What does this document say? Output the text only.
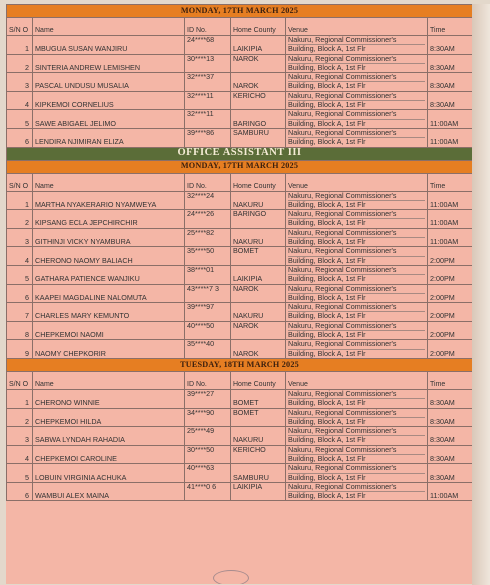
MONDAY, 17TH MARCH 2025					
S/N O	Name	ID No.	Home County	Venue	Time
1	MBUGUA SUSAN WANJIRU	24****68	LAIKIPIA	Nakuru, Regional Commissioner's
Building, Block A, 1st Flr	8:30AM
2	SINTERIA ANDREW LEMISHEN	30****13	NAROK	Nakuru, Regional Commissioner's
Building, Block A, 1st Flr	8:30AM
3	PASCAL UNDUSU MUSALIA	32****37	NAROK	Nakuru, Regional Commissioner's
Building, Block A, 1st Flr	8:30AM
4	KIPKEMOI CORNELIUS	32****11	KERICHO	Nakuru, Regional Commissioner's
Building, Block A, 1st Flr	8:30AM
5	SAWE ABIGAEL JELIMO	32****11	BARINGO	Nakuru, Regional Commissioner's
Building, Block A, 1st Flr	11:00AM
6	LENDIRA NJIMIRAN ELIZA	39****86	SAMBURU	Nakuru, Regional Commissioner's
Building, Block A, 1st Flr	11:00AM
OFFICE ASSISTANT III					
MONDAY, 17TH MARCH 2025					
S/N O	Name	ID No.	Home County	Venue	Time
1	MARTHA NYAKERARIO NYAMWEYA	32****24	NAKURU	Nakuru, Regional Commissioner's
Building, Block A, 1st Flr	11:00AM
2	KIPSANG ECLA JEPCHIRCHIR	24****26	BARINGO	Nakuru, Regional Commissioner's
Building, Block A, 1st Flr	11:00AM
3	GITHINJI VICKY NYAMBURA	25****82	NAKURU	Nakuru, Regional Commissioner's
Building, Block A, 1st Flr	11:00AM
4	CHERONO NAOMY BALIACH	35****50	BOMET	Nakuru, Regional Commissioner's
Building, Block A, 1st Flr	2:00PM
5	GATHARA PATIENCE WANJIKU	38****01	LAIKIPIA	Nakuru, Regional Commissioner's
Building, Block A, 1st Flr	2:00PM
6	KAAPEI MAGDALINE NALOMUTA	43*****7 3	NAROK	Nakuru, Regional Commissioner's
Building, Block A, 1st Flr	2:00PM
7	CHARLES MARY KEMUNTO	39****97	NAKURU	Nakuru, Regional Commissioner's
Building, Block A, 1st Flr	2:00PM
8	CHEPKEMOI NAOMI	40****50	NAROK	Nakuru, Regional Commissioner's
Building, Block A, 1st Flr	2:00PM
9	NAOMY CHEPKORIR	35****40	NAROK	Nakuru, Regional Commissioner's
Building, Block A, 1st Flr	2:00PM
TUESDAY, 18TH MARCH 2025					
S/N O	Name	ID No.	Home County	Venue	Time
1	CHERONO WINNIE	39****27	BOMET	Nakuru, Regional Commissioner's
Building, Block A, 1st Flr	8:30AM
2	CHEPKEMOI HILDA	34****90	BOMET	Nakuru, Regional Commissioner's
Building, Block A, 1st Flr	8:30AM
3	SABWA LYNDAH RAHADIA	25****49	NAKURU	Nakuru, Regional Commissioner's
Building, Block A, 1st Flr	8:30AM
4	CHEPKEMOI CAROLINE	30****50	KERICHO	Nakuru, Regional Commissioner's
Building, Block A, 1st Flr	8:30AM
5	LOBUIN VIRGINIA ACHUKA	40****63	SAMBURU	Nakuru, Regional Commissioner's
Building, Block A, 1st Flr	8:30AM
6	WAMBUI ALEX MAINA	41****0 6	LAIKIPIA	Nakuru, Regional Commissioner's
Building, Block A, 1st Flr	11:00AM
